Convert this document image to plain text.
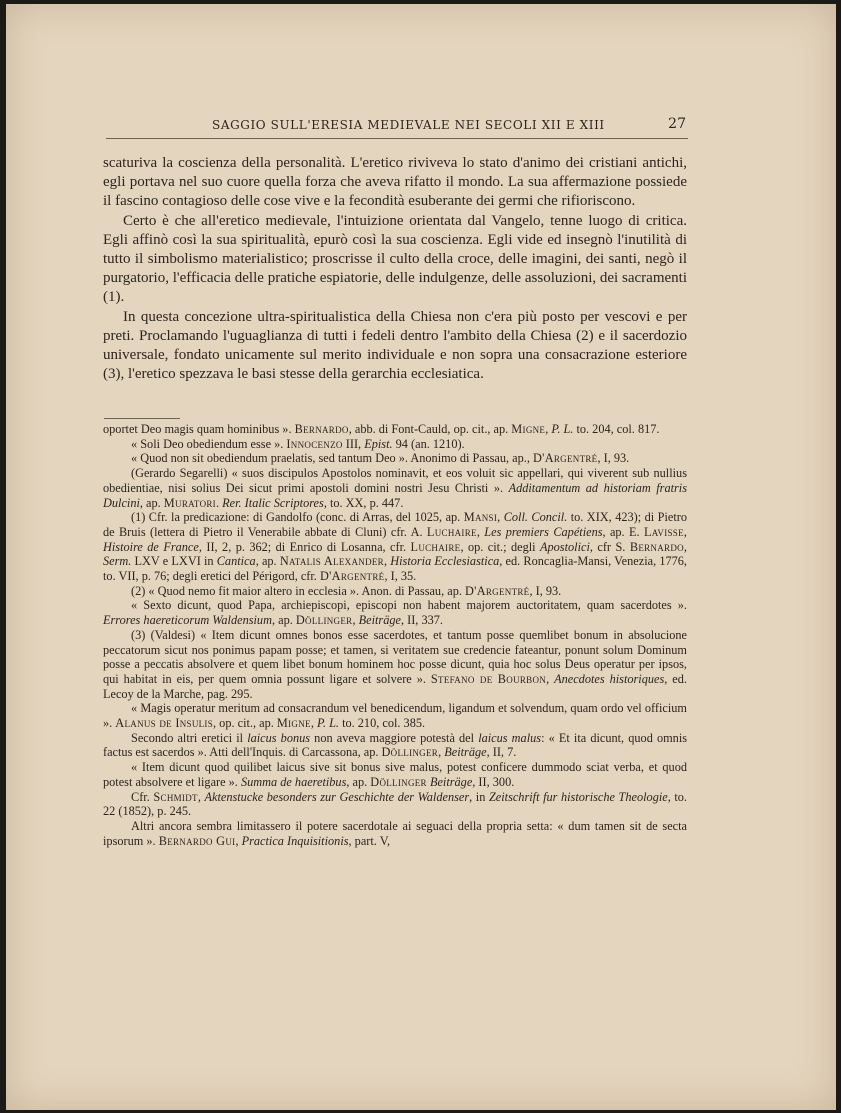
SAGGIO SULL'ERESIA MEDIEVALE NEI SECOLI XII E XIII	27

scaturiva la coscienza della personalità. L'eretico riviveva lo stato d'animo dei cristiani antichi, egli portava nel suo cuore quella forza che aveva rifatto il mondo. La sua affermazione possiede il fascino contagioso delle cose vive e la fecondità esuberante dei germi che rifioriscono.

Certo è che all'eretico medievale, l'intuizione orientata dal Vangelo, tenne luogo di critica. Egli affinò così la sua spiritualità, epurò così la sua coscienza. Egli vide ed insegnò l'inutilità di tutto il simbolismo materialistico; proscrisse il culto della croce, delle imagini, dei santi, negò il purgatorio, l'efficacia delle pratiche espiatorie, delle indulgenze, delle assoluzioni, dei sacramenti (1).

In questa concezione ultra-spiritualistica della Chiesa non c'era più posto per vescovi e per preti. Proclamando l'uguaglianza di tutti i fedeli dentro l'ambito della Chiesa (2) e il sacerdozio universale, fondato unicamente sul merito individuale e non sopra una consacrazione esteriore (3), l'eretico spezzava le basi stesse della gerarchia ecclesiatica.

oportet Deo magis quam hominibus ». Bernardo, abb. di Font-Cauld, op. cit., ap. Migne, P. L. to. 204, col. 817.

« Soli Deo obediendum esse ». Innocenzo III, Epist. 94 (an. 1210).

« Quod non sit obediendum praelatis, sed tantum Deo ». Anonimo di Passau, ap., D'Argentré, I, 93.

(Gerardo Segarelli) « suos discipulos Apostolos nominavit, et eos voluit sic appellari, qui viverent sub nullius obedientiae, nisi solius Dei sicut primi apostoli domini nostri Jesu Christi ». Additamentum ad historiam fratris Dulcini, ap. Muratori. Rer. Italic Scriptores, to. XX, p. 447.

(1) Cfr. la predicazione: di Gandolfo (conc. di Arras, del 1025, ap. Mansi, Coll. Concil. to. XIX, 423); di Pietro de Bruis (lettera di Pietro il Venerabile abbate di Cluni) cfr. A. Luchaire, Les premiers Capétiens, ap. E. Lavisse, Histoire de France, II, 2, p. 362; di Enrico di Losanna, cfr. Luchaire, op. cit.; degli Apostolici, cfr S. Bernardo, Serm. LXV e LXVI in Cantica, ap. Natalis Alexander, Historia Ecclesiastica, ed. Roncaglia-Mansi, Venezia, 1776, to. VII, p. 76; degli eretici del Périgord, cfr. D'Argentré, I, 35.

(2) « Quod nemo fit maior altero in ecclesia ». Anon. di Passau, ap. D'Argentré, I, 93.

« Sexto dicunt, quod Papa, archiepiscopi, episcopi non habent majorem auctoritatem, quam sacerdotes ». Errores haereticorum Waldensium, ap. Döllinger, Beiträge, II, 337.

(3) (Valdesi) « Item dicunt omnes bonos esse sacerdotes, et tantum posse quemlibet bonum in absolucione peccatorum sicut nos ponimus papam posse; et tamen, si veritatem sue credencie fateantur, ponunt solum Dominum posse a peccatis absolvere et quem libet bonum hominem hoc posse dicunt, quia hoc solus Deus operatur per ipsos, qui habitat in eis, per quem omnia possunt ligare et solvere ». Stefano de Bourbon, Anecdotes historiques, ed. Lecoy de la Marche, pag. 295.

« Magis operatur meritum ad consacrandum vel benedicendum, ligandum et solvendum, quam ordo vel officium ». Alanus de Insulis, op. cit., ap. Migne, P. L. to. 210, col. 385.

Secondo altri eretici il laicus bonus non aveva maggiore potestà del laicus malus: « Et ita dicunt, quod omnis factus est sacerdos ». Atti dell'Inquis. di Carcassona, ap. Döllinger, Beiträge, II, 7.

« Item dicunt quod quilibet laicus sive sit bonus sive malus, potest conficere dummodo sciat verba, et quod potest absolvere et ligare ». Summa de haeretibus, ap. Döllinger Beiträge, II, 300.

Cfr. Schmidt, Aktenstucke besonders zur Geschichte der Waldenser, in Zeitschrift fur historische Theologie, to. 22 (1852), p. 245.

Altri ancora sembra limitassero il potere sacerdotale ai seguaci della propria setta: « dum tamen sit de secta ipsorum ». Bernardo Gui, Practica Inquisitionis, part. V,
